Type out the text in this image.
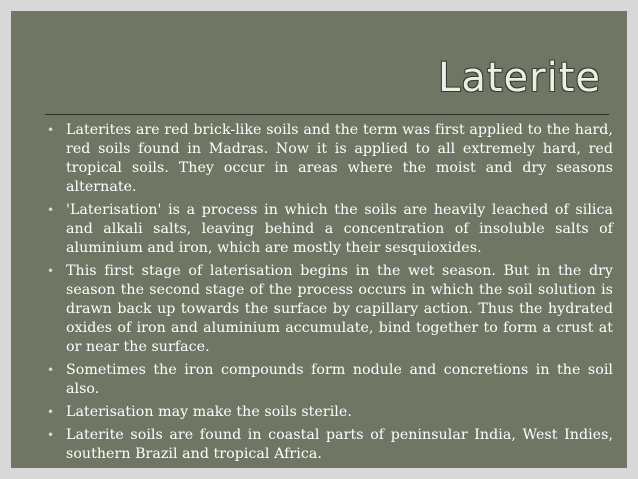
Laterite
• Laterites are red brick-like soils and the term was first applied to the hard, red soils found in Madras. Now it is applied to all extremely hard, red tropical soils. They occur in areas where the moist and dry seasons alternate.
• 'Laterisation' is a process in which the soils are heavily leached of silica and alkali salts, leaving behind a concentration of insoluble salts of aluminium and iron, which are mostly their sesquioxides.
• This first stage of laterisation begins in the wet season. But in the dry season the second stage of the process occurs in which the soil solution is drawn back up towards the surface by capillary action. Thus the hydrated oxides of iron and aluminium accumulate, bind together to form a crust at or near the surface.
• Sometimes the iron compounds form nodule and concretions in the soil also.
• Laterisation may make the soils sterile.
• Laterite soils are found in coastal parts of peninsular India, West Indies, southern Brazil and tropical Africa.
